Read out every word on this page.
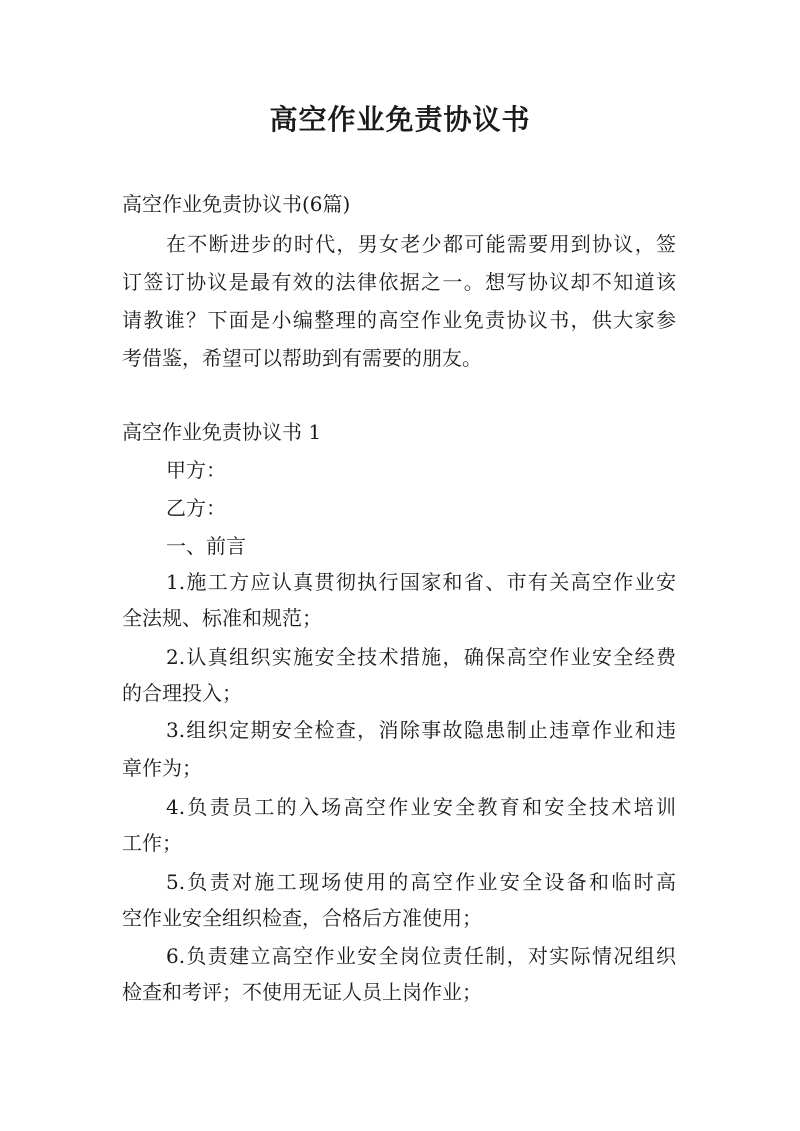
高空作业免责协议书
高空作业免责协议书(6篇)
在不断进步的时代，男女老少都可能需要用到协议，签
订签订协议是最有效的法律依据之一。想写协议却不知道该
请教谁？下面是小编整理的高空作业免责协议书，供大家参
考借鉴，希望可以帮助到有需要的朋友。
高空作业免责协议书 1
甲方：
乙方：
一、前言
1.施工方应认真贯彻执行国家和省、市有关高空作业安
全法规、标准和规范；
2.认真组织实施安全技术措施，确保高空作业安全经费
的合理投入；
3.组织定期安全检查，消除事故隐患制止违章作业和违
章作为；
4.负责员工的入场高空作业安全教育和安全技术培训
工作；
5.负责对施工现场使用的高空作业安全设备和临时高
空作业安全组织检查，合格后方准使用；
6.负责建立高空作业安全岗位责任制，对实际情况组织
检查和考评；不使用无证人员上岗作业；
